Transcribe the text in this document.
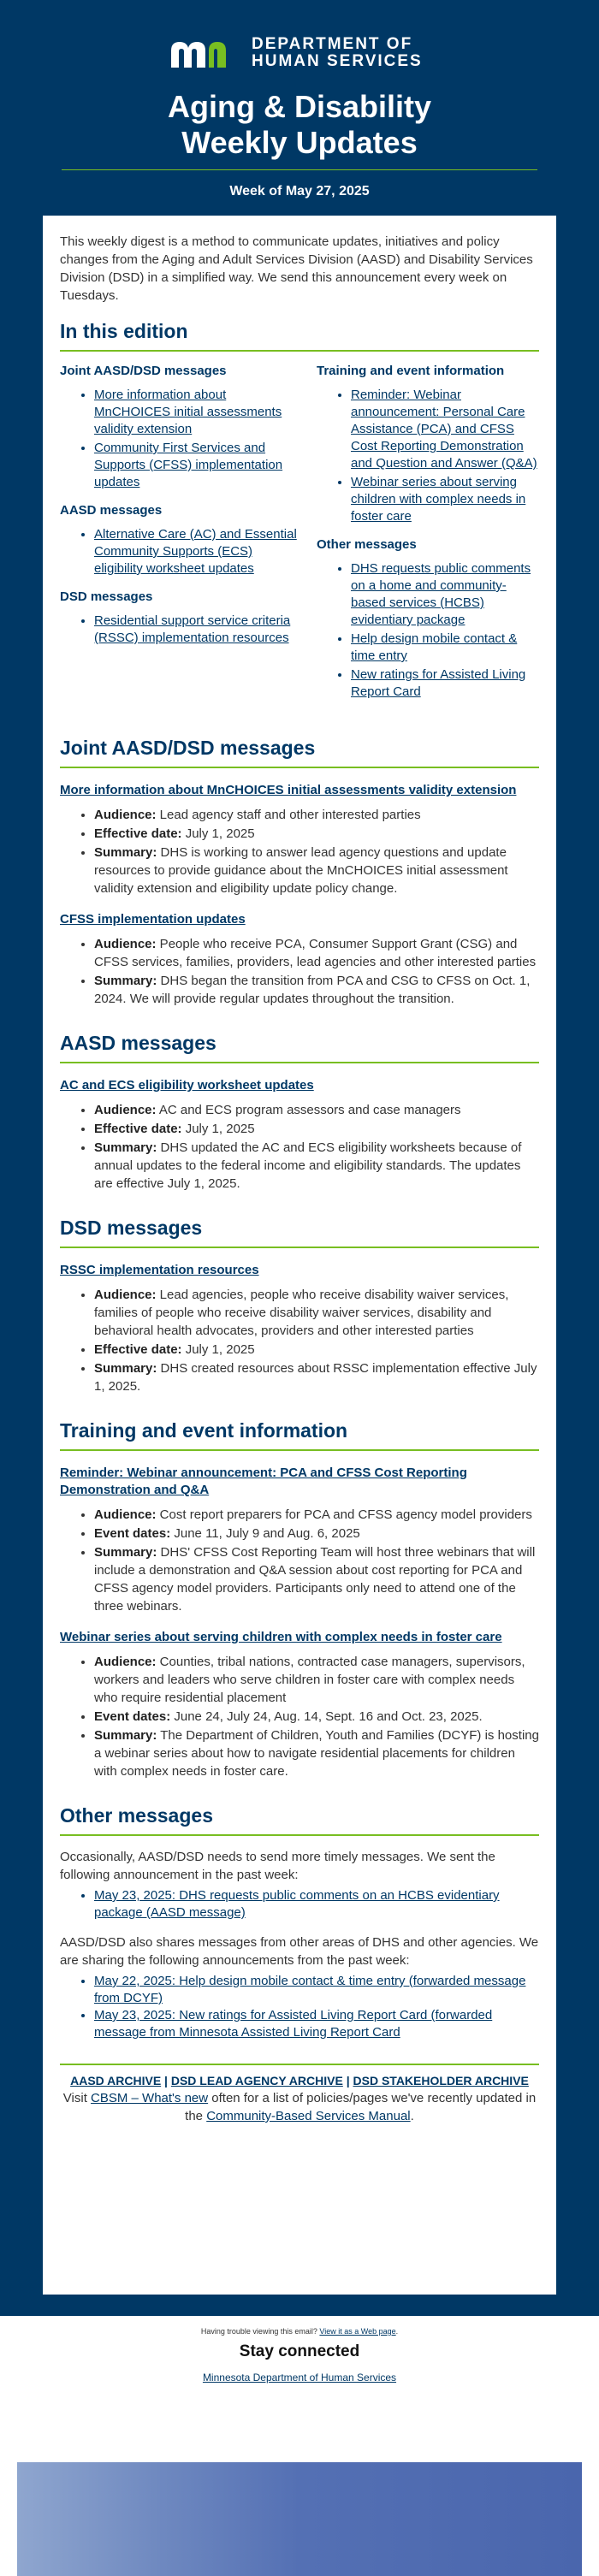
DEPARTMENT OF
HUMAN SERVICES
Aging & Disability
Weekly Updates
Week of May 27, 2025

This weekly digest is a method to communicate updates, initiatives and policy changes from the Aging and Adult Services Division (AASD) and Disability Services Division (DSD) in a simplified way. We send this announcement every week on Tuesdays.

In this edition
Joint AASD/DSD messages
• More information about MnCHOICES initial assessments validity extension
• Community First Services and Supports (CFSS) implementation updates
AASD messages
• Alternative Care (AC) and Essential Community Supports (ECS) eligibility worksheet updates
DSD messages
• Residential support service criteria (RSSC) implementation resources
Training and event information
• Reminder: Webinar announcement: Personal Care Assistance (PCA) and CFSS Cost Reporting Demonstration and Question and Answer (Q&A)
• Webinar series about serving children with complex needs in foster care
Other messages
• DHS requests public comments on a home and community-based services (HCBS) evidentiary package
• Help design mobile contact & time entry
• New ratings for Assisted Living Report Card
Joint AASD/DSD messages
More information about MnCHOICES initial assessments validity extension
• Audience: Lead agency staff and other interested parties
• Effective date: July 1, 2025
• Summary: DHS is working to answer lead agency questions and update resources to provide guidance about the MnCHOICES initial assessment validity extension and eligibility update policy change.
CFSS implementation updates
• Audience: People who receive PCA, Consumer Support Grant (CSG) and CFSS services, families, providers, lead agencies and other interested parties
• Summary: DHS began the transition from PCA and CSG to CFSS on Oct. 1, 2024. We will provide regular updates throughout the transition.
AASD messages
AC and ECS eligibility worksheet updates
• Audience: AC and ECS program assessors and case managers
• Effective date: July 1, 2025
• Summary: DHS updated the AC and ECS eligibility worksheets because of annual updates to the federal income and eligibility standards. The updates are effective July 1, 2025.
DSD messages
RSSC implementation resources
• Audience: Lead agencies, people who receive disability waiver services, families of people who receive disability waiver services, disability and behavioral health advocates, providers and other interested parties
• Effective date: July 1, 2025
• Summary: DHS created resources about RSSC implementation effective July 1, 2025.
Training and event information
Reminder: Webinar announcement: PCA and CFSS Cost Reporting Demonstration and Q&A
• Audience: Cost report preparers for PCA and CFSS agency model providers
• Event dates: June 11, July 9 and Aug. 6, 2025
• Summary: DHS' CFSS Cost Reporting Team will host three webinars that will include a demonstration and Q&A session about cost reporting for PCA and CFSS agency model providers. Participants only need to attend one of the three webinars.
Webinar series about serving children with complex needs in foster care
• Audience: Counties, tribal nations, contracted case managers, supervisors, workers and leaders who serve children in foster care with complex needs who require residential placement
• Event dates: June 24, July 24, Aug. 14, Sept. 16 and Oct. 23, 2025.
• Summary: The Department of Children, Youth and Families (DCYF) is hosting a webinar series about how to navigate residential placements for children with complex needs in foster care.
Other messages

Occasionally, AASD/DSD needs to send more timely messages. We sent the following announcement in the past week:

• May 23, 2025: DHS requests public comments on an HCBS evidentiary package (AASD message)

AASD/DSD also shares messages from other areas of DHS and other agencies. We are sharing the following announcements from the past week:

• May 22, 2025: Help design mobile contact & time entry (forwarded message from DCYF)
• May 23, 2025: New ratings for Assisted Living Report Card (forwarded message from Minnesota Assisted Living Report Card
AASD ARCHIVE | DSD LEAD AGENCY ARCHIVE | DSD STAKEHOLDER ARCHIVE

Visit CBSM – What's new often for a list of policies/pages we've recently updated in the Community-Based Services Manual.

Having trouble viewing this email? View it as a Web page.
Stay connected
Minnesota Department of Human Services
